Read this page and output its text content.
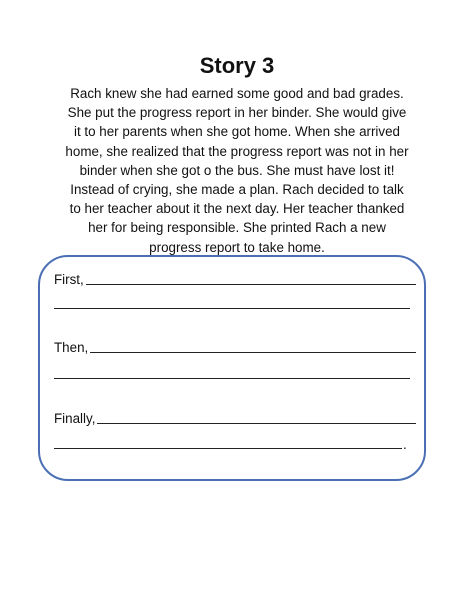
Story 3
Rach knew she had earned some good and bad grades.
She put the progress report in her binder. She would give
it to her parents when she got home. When she arrived
home, she realized that the progress report was not in her
binder when she got o the bus. She must have lost it!
Instead of crying, she made a plan. Rach decided to talk
to her teacher about it the next day. Her teacher thanked
her for being responsible. She printed Rach a new
progress report to take home.
First,
Then,
Finally,
.
